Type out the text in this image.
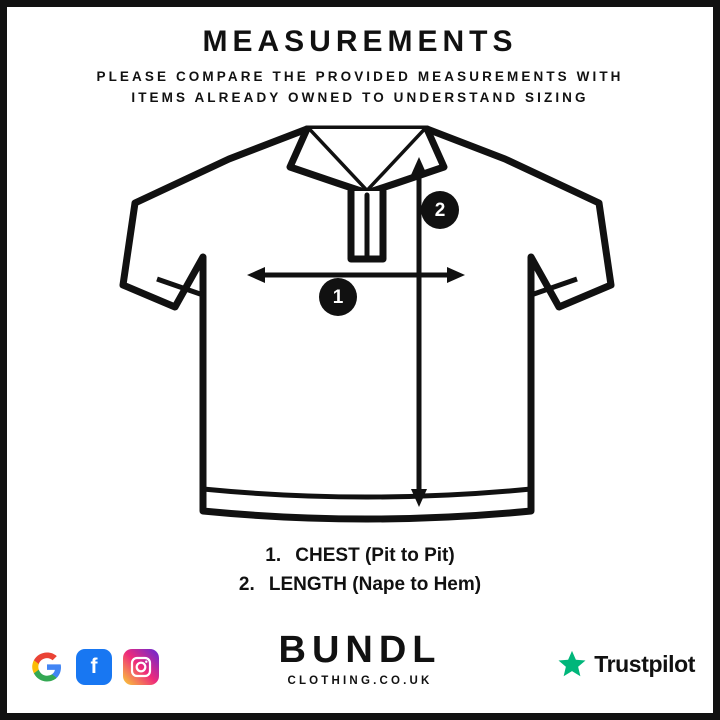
MEASUREMENTS
PLEASE COMPARE THE PROVIDED MEASUREMENTS WITH
ITEMS ALREADY OWNED TO UNDERSTAND SIZING
1
2
1. CHEST (Pit to Pit)
2. LENGTH (Nape to Hem)
f	BUNDL
CLOTHING.CO.UK
Trustpilot
